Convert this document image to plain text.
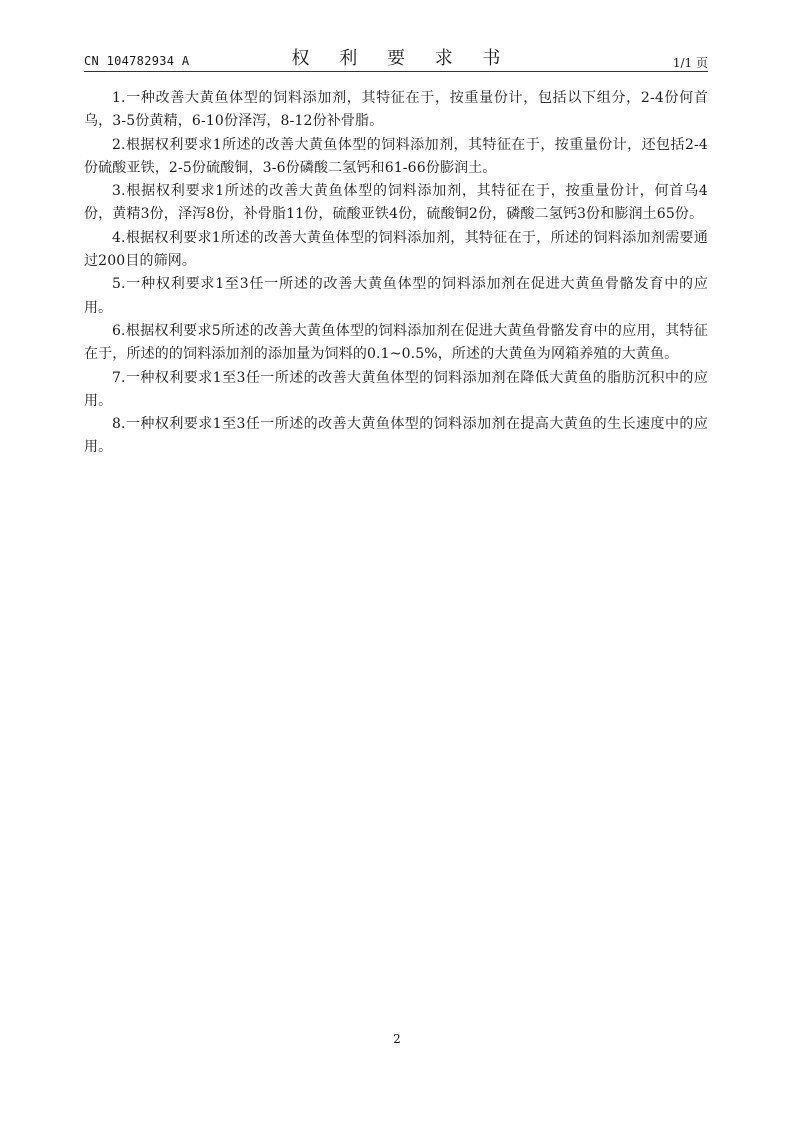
CN 104782934 A	权 利 要 求 书	1/1 页

1.一种改善大黄鱼体型的饲料添加剂，其特征在于，按重量份计，包括以下组分，2-4份何首乌，3-5份黄精，6-10份泽泻，8-12份补骨脂。

2.根据权利要求1所述的改善大黄鱼体型的饲料添加剂，其特征在于，按重量份计，还包括2-4份硫酸亚铁，2-5份硫酸铜，3-6份磷酸二氢钙和61-66份膨润土。

3.根据权利要求1所述的改善大黄鱼体型的饲料添加剂，其特征在于，按重量份计，何首乌4份，黄精3份，泽泻8份，补骨脂11份，硫酸亚铁4份，硫酸铜2份，磷酸二氢钙3份和膨润土65份。

4.根据权利要求1所述的改善大黄鱼体型的饲料添加剂，其特征在于，所述的饲料添加剂需要通过200目的筛网。

5.一种权利要求1至3任一所述的改善大黄鱼体型的饲料添加剂在促进大黄鱼骨骼发育中的应用。

6.根据权利要求5所述的改善大黄鱼体型的饲料添加剂在促进大黄鱼骨骼发育中的应用，其特征在于，所述的的饲料添加剂的添加量为饲料的0.1~0.5%，所述的大黄鱼为网箱养殖的大黄鱼。

7.一种权利要求1至3任一所述的改善大黄鱼体型的饲料添加剂在降低大黄鱼的脂肪沉积中的应用。

8.一种权利要求1至3任一所述的改善大黄鱼体型的饲料添加剂在提高大黄鱼的生长速度中的应用。

2
